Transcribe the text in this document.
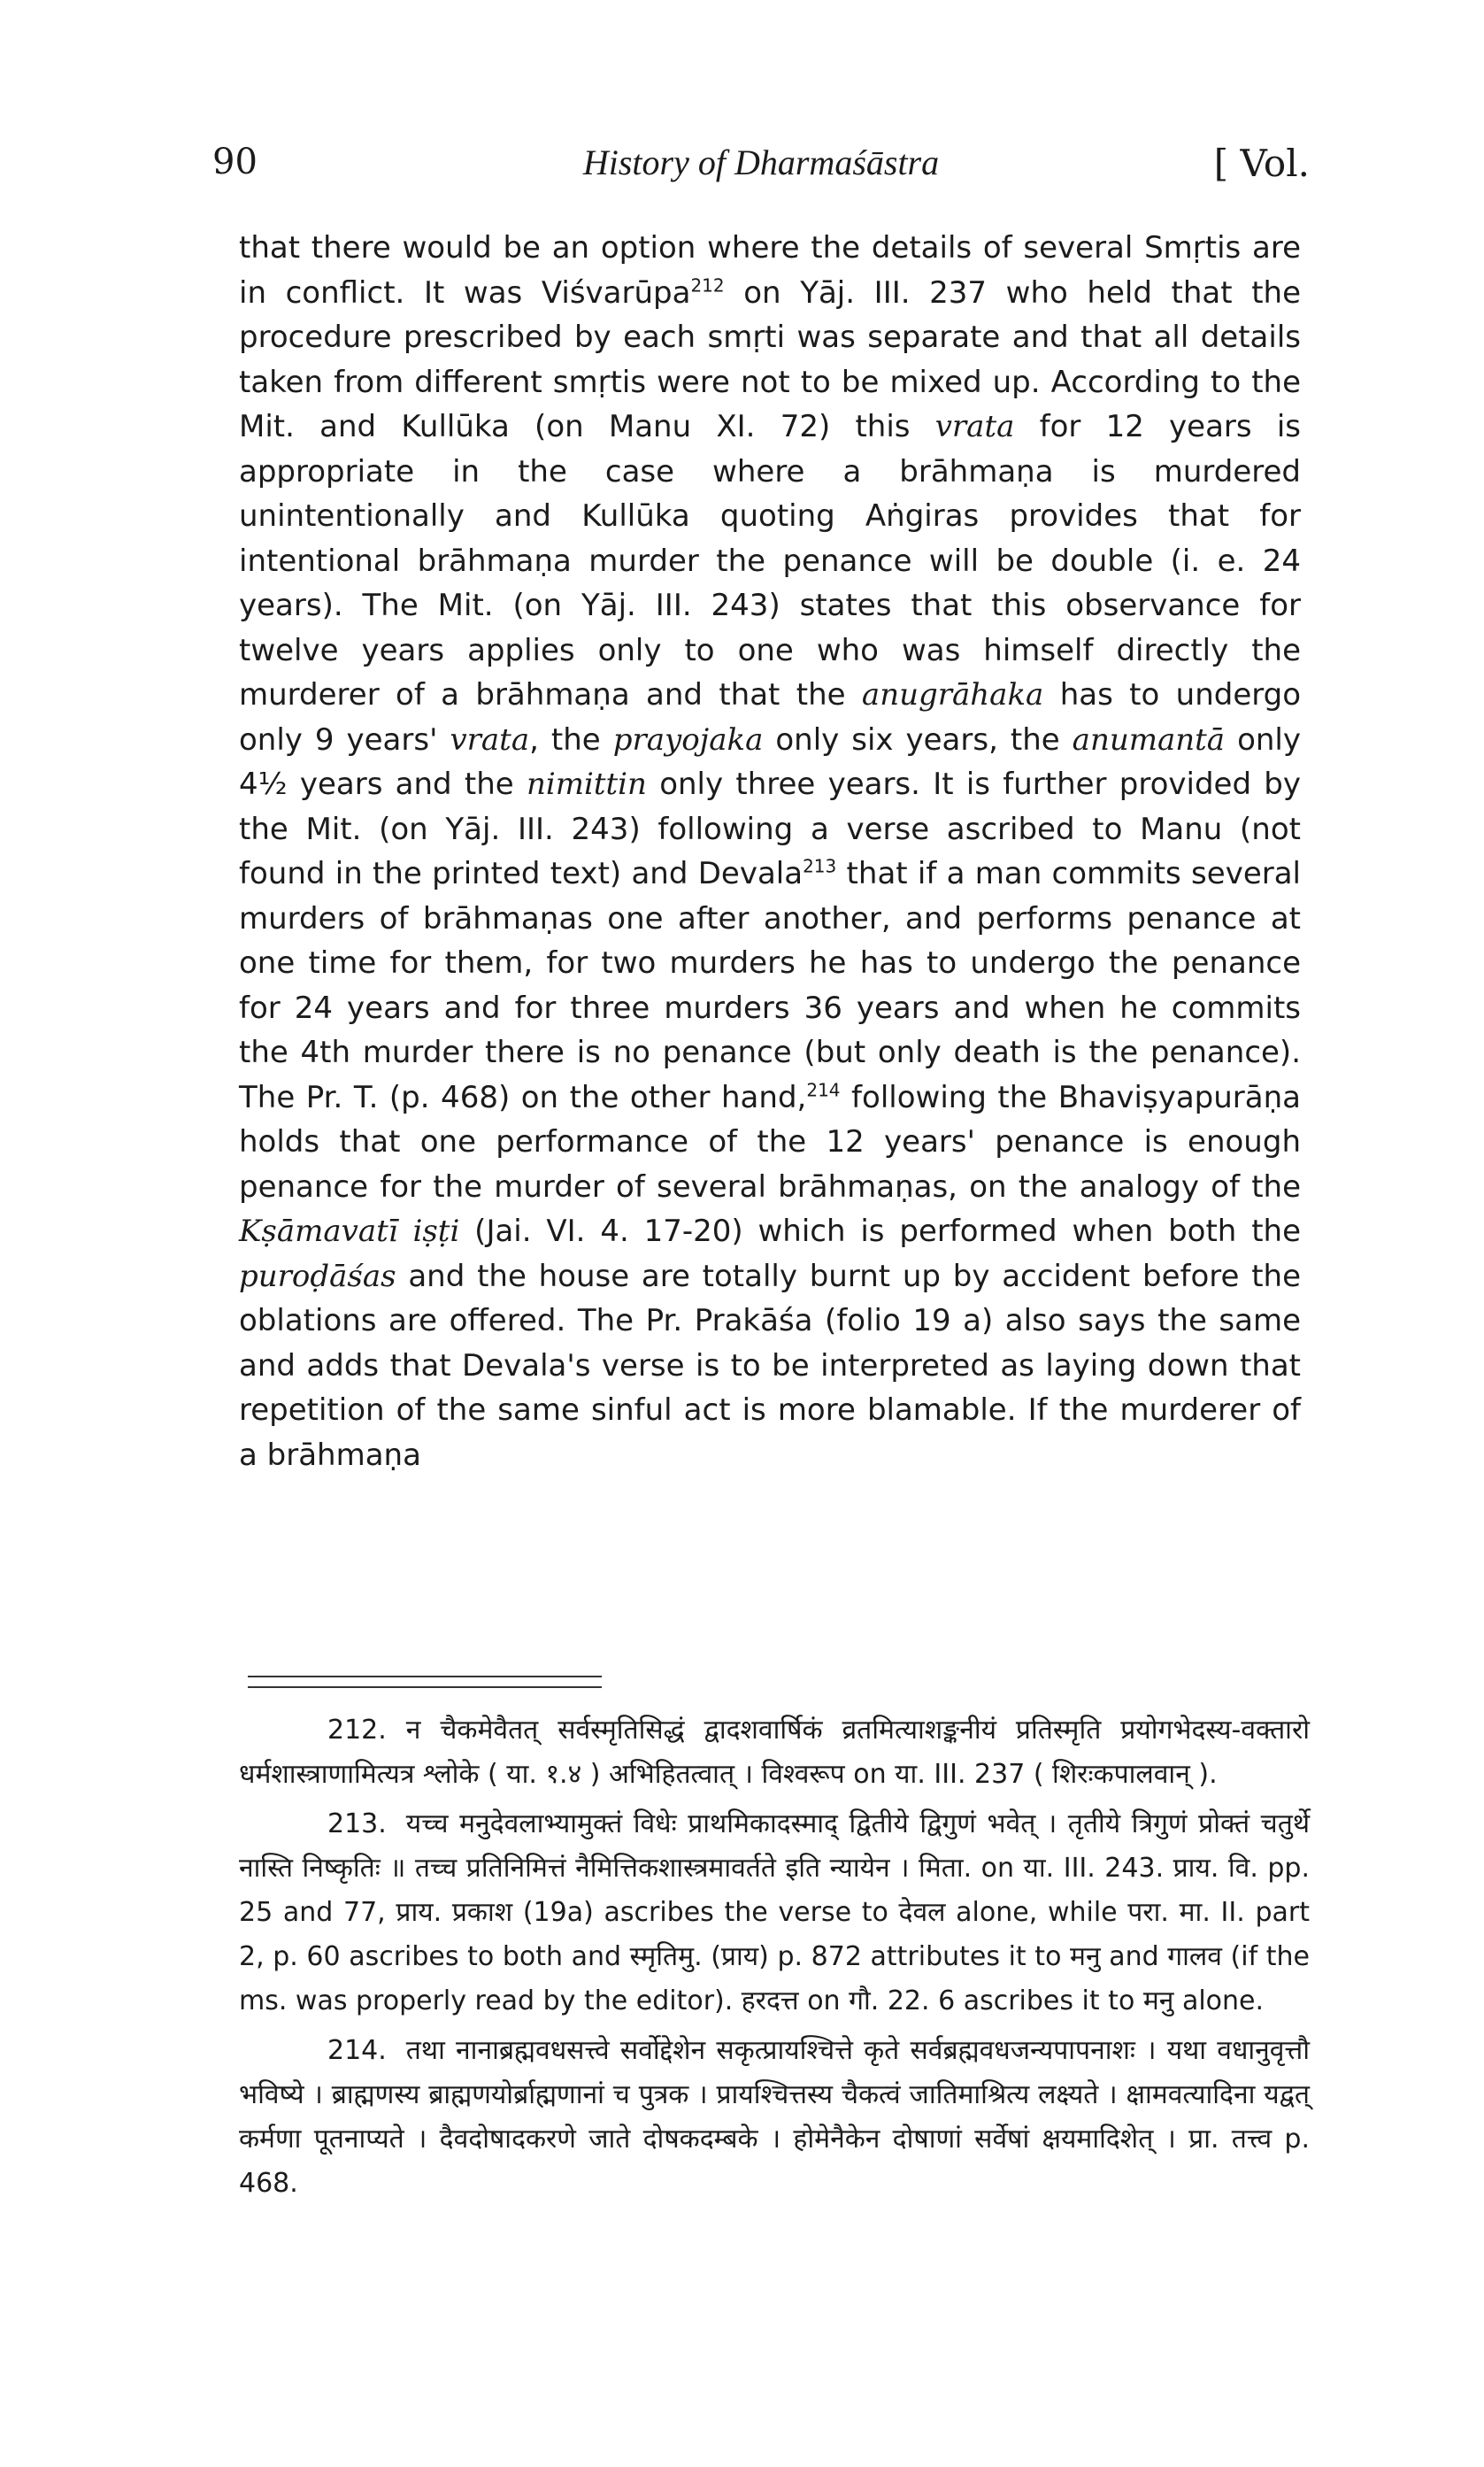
90	History of Dharmaśāstra	[ Vol.

that there would be an option where the details of several Smṛtis are in conflict. It was Viśvarūpa$^{212}$ on Yāj. III. 237 who held that the procedure prescribed by each smṛti was separate and that all details taken from different smṛtis were not to be mixed up. According to the Mit. and Kullūka (on Manu XI. 72) this vrata for 12 years is appropriate in the case where a brāhmaṇa is murdered unintentionally and Kullūka quoting Aṅgiras provides that for intentional brāhmaṇa murder the penance will be double (i. e. 24 years). The Mit. (on Yāj. III. 243) states that this observance for twelve years applies only to one who was himself directly the murderer of a brāhmaṇa and that the anugrāhaka has to undergo only 9 years' vrata, the prayojaka only six years, the anumantā only 4½ years and the nimittin only three years. It is further provided by the Mit. (on Yāj. III. 243) following a verse ascribed to Manu (not found in the printed text) and Devala$^{213}$ that if a man commits several murders of brāhmaṇas one after another, and performs penance at one time for them, for two murders he has to undergo the penance for 24 years and for three murders 36 years and when he commits the 4th murder there is no penance (but only death is the penance). The Pr. T. (p. 468) on the other hand,$^{214}$ following the Bhaviṣyapurāṇa holds that one performance of the 12 years' penance is enough penance for the murder of several brāhmaṇas, on the analogy of the Kṣāmavatī iṣṭi (Jai. VI. 4. 17-20) which is performed when both the puroḍāśas and the house are totally burnt up by accident before the oblations are offered. The Pr. Prakāśa (folio 19 a) also says the same and adds that Devala's verse is to be interpreted as laying down that repetition of the same sinful act is more blamable. If the murderer of a brāhmaṇa

212. न चैकमेवैतत् सर्वस्मृतिसिद्धं द्वादशवार्षिकं व्रतमित्याशङ्कनीयं प्रतिस्मृति प्रयोगभेदस्य-वक्तारो धर्मशास्त्राणामित्यत्र श्लोके ( या. १.४ ) अभिहितत्वात् । विश्वरूप on या. III. 237 ( शिरःकपालवान् ).

213. यच्च मनुदेवलाभ्यामुक्तं विधेः प्राथमिकादस्माद् द्वितीये द्विगुणं भवेत् । तृतीये त्रिगुणं प्रोक्तं चतुर्थे नास्ति निष्कृतिः ॥ तच्च प्रतिनिमित्तं नैमित्तिकशास्त्रमावर्तते इति न्यायेन । मिता. on या. III. 243. प्राय. वि. pp. 25 and 77, प्राय. प्रकाश (19a) ascribes the verse to देवल alone, while परा. मा. II. part 2, p. 60 ascribes to both and स्मृतिमु. (प्राय) p. 872 attributes it to मनु and गालव (if the ms. was properly read by the editor). हरदत्त on गौ. 22. 6 ascribes it to मनु alone.

214. तथा नानाब्रह्मवधसत्त्वे सर्वोद्देशेन सकृत्प्रायश्चित्ते कृते सर्वब्रह्मवधजन्यपापनाशः । यथा वधानुवृत्तौ भविष्ये । ब्राह्मणस्य ब्राह्मणयोर्ब्राह्मणानां च पुत्रक । प्रायश्चित्तस्य चैकत्वं जातिमाश्रित्य लक्ष्यते । क्षामवत्यादिना यद्वत् कर्मणा पूतनाप्यते । दैवदोषादकरणे जाते दोषकदम्बके । होमेनैकेन दोषाणां सर्वेषां क्षयमादिशेत् । प्रा. तत्त्व p. 468.
